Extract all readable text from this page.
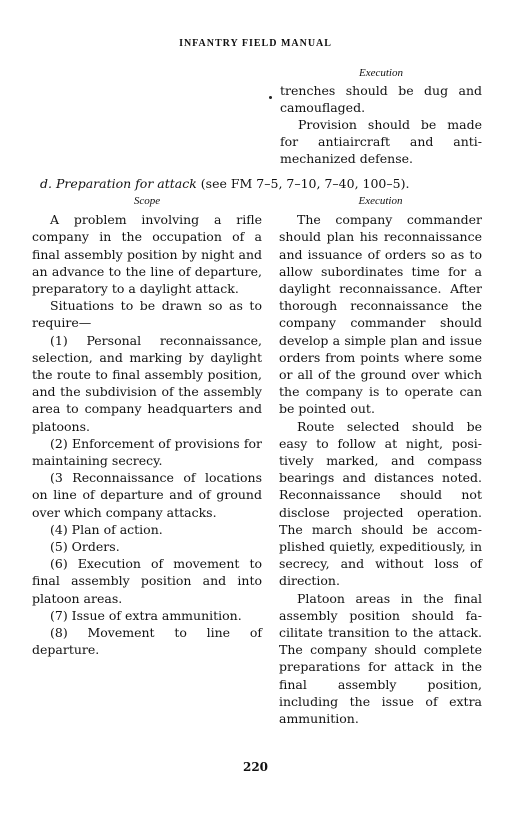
INFANTRY FIELD MANUAL
Execution

trenches should be dug and camouflaged.

Provision should be made for antiaircraft and antimechanized defense.

d. Preparation for attack (see FM 7–5, 7–10, 7–40, 100–5).
Scope

A problem involving a rifle company in the occupation of a final assembly position by night and an advance to the line of departure, preparatory to a daylight attack.

Situations to be drawn so as to require—

(1) Personal reconnaissance, selection, and marking by daylight the route to final assembly position, and the subdivision of the assembly area to company headquarters and platoons.

(2) Enforcement of provisions for maintaining secrecy.

(3 Reconnaissance of locations on line of departure and of ground over which company attacks.

(4) Plan of action.

(5) Orders.

(6) Execution of movement to final assembly position and into platoon areas.

(7) Issue of extra ammunition.

(8) Movement to line of departure.

Execution

The company commander should plan his reconnaissance and issuance of orders so as to allow subordinates time for a daylight reconnaissance. After thorough reconnaissance the company commander should develop a simple plan and issue orders from points where some or all of the ground over which the company is to operate can be pointed out.

Route selected should be easy to follow at night, positively marked, and compass bearings and distances noted. Reconnaissance should not disclose projected operation. The march should be accomplished quietly, expeditiously, in secrecy, and without loss of direction.

Platoon areas in the final assembly position should facilitate transition to the attack. The company should complete preparations for attack in the final assembly position, including the issue of extra ammunition.

220
